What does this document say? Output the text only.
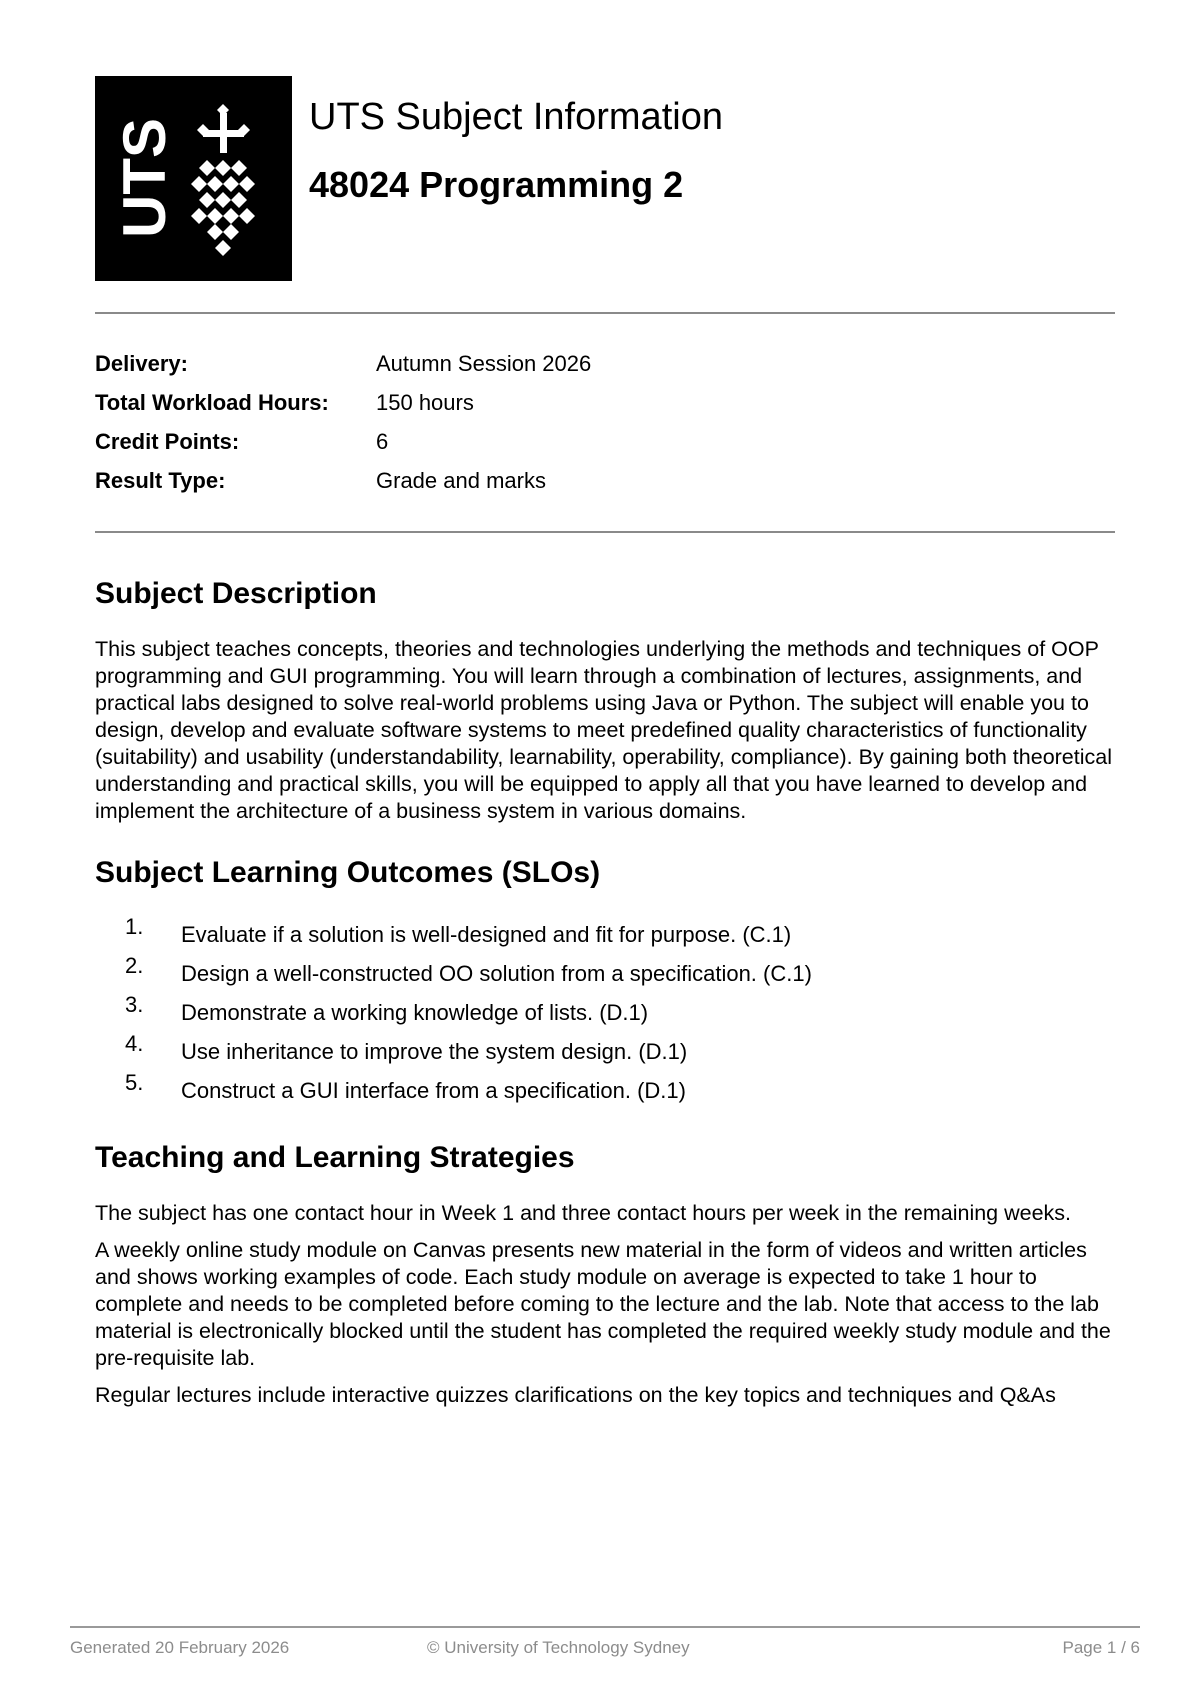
UTS
UTS Subject Information
48024 Programming 2
Delivery:	Autumn Session 2026
Total Workload Hours: 150 hours
Credit Points:	6
Result Type:	Grade and marks
Subject Description

This subject teaches concepts, theories and technologies underlying the methods and techniques of OOP programming and GUI programming. You will learn through a combination of lectures, assignments, and practical labs designed to solve real-world problems using Java or Python. The subject will enable you to design, develop and evaluate software systems to meet predefined quality characteristics of functionality (suitability) and usability (understandability, learnability, operability, compliance). By gaining both theoretical understanding and practical skills, you will be equipped to apply all that you have learned to develop and implement the architecture of a business system in various domains.

Subject Learning Outcomes (SLOs)
1. Evaluate if a solution is well-designed and fit for purpose. (C.1)
2. Design a well-constructed OO solution from a specification. (C.1)
3. Demonstrate a working knowledge of lists. (D.1)
4. Use inheritance to improve the system design. (D.1)
5. Construct a GUI interface from a specification. (D.1)
Teaching and Learning Strategies

The subject has one contact hour in Week 1 and three contact hours per week in the remaining weeks.

A weekly online study module on Canvas presents new material in the form of videos and written articles and shows working examples of code. Each study module on average is expected to take 1 hour to complete and needs to be completed before coming to the lecture and the lab. Note that access to the lab material is electronically blocked until the student has completed the required weekly study module and the pre-requisite lab.

Regular lectures include interactive quizzes clarifications on the key topics and techniques and Q&As

Generated 20 February 2026	© University of Technology Sydney	Page 1 / 6
